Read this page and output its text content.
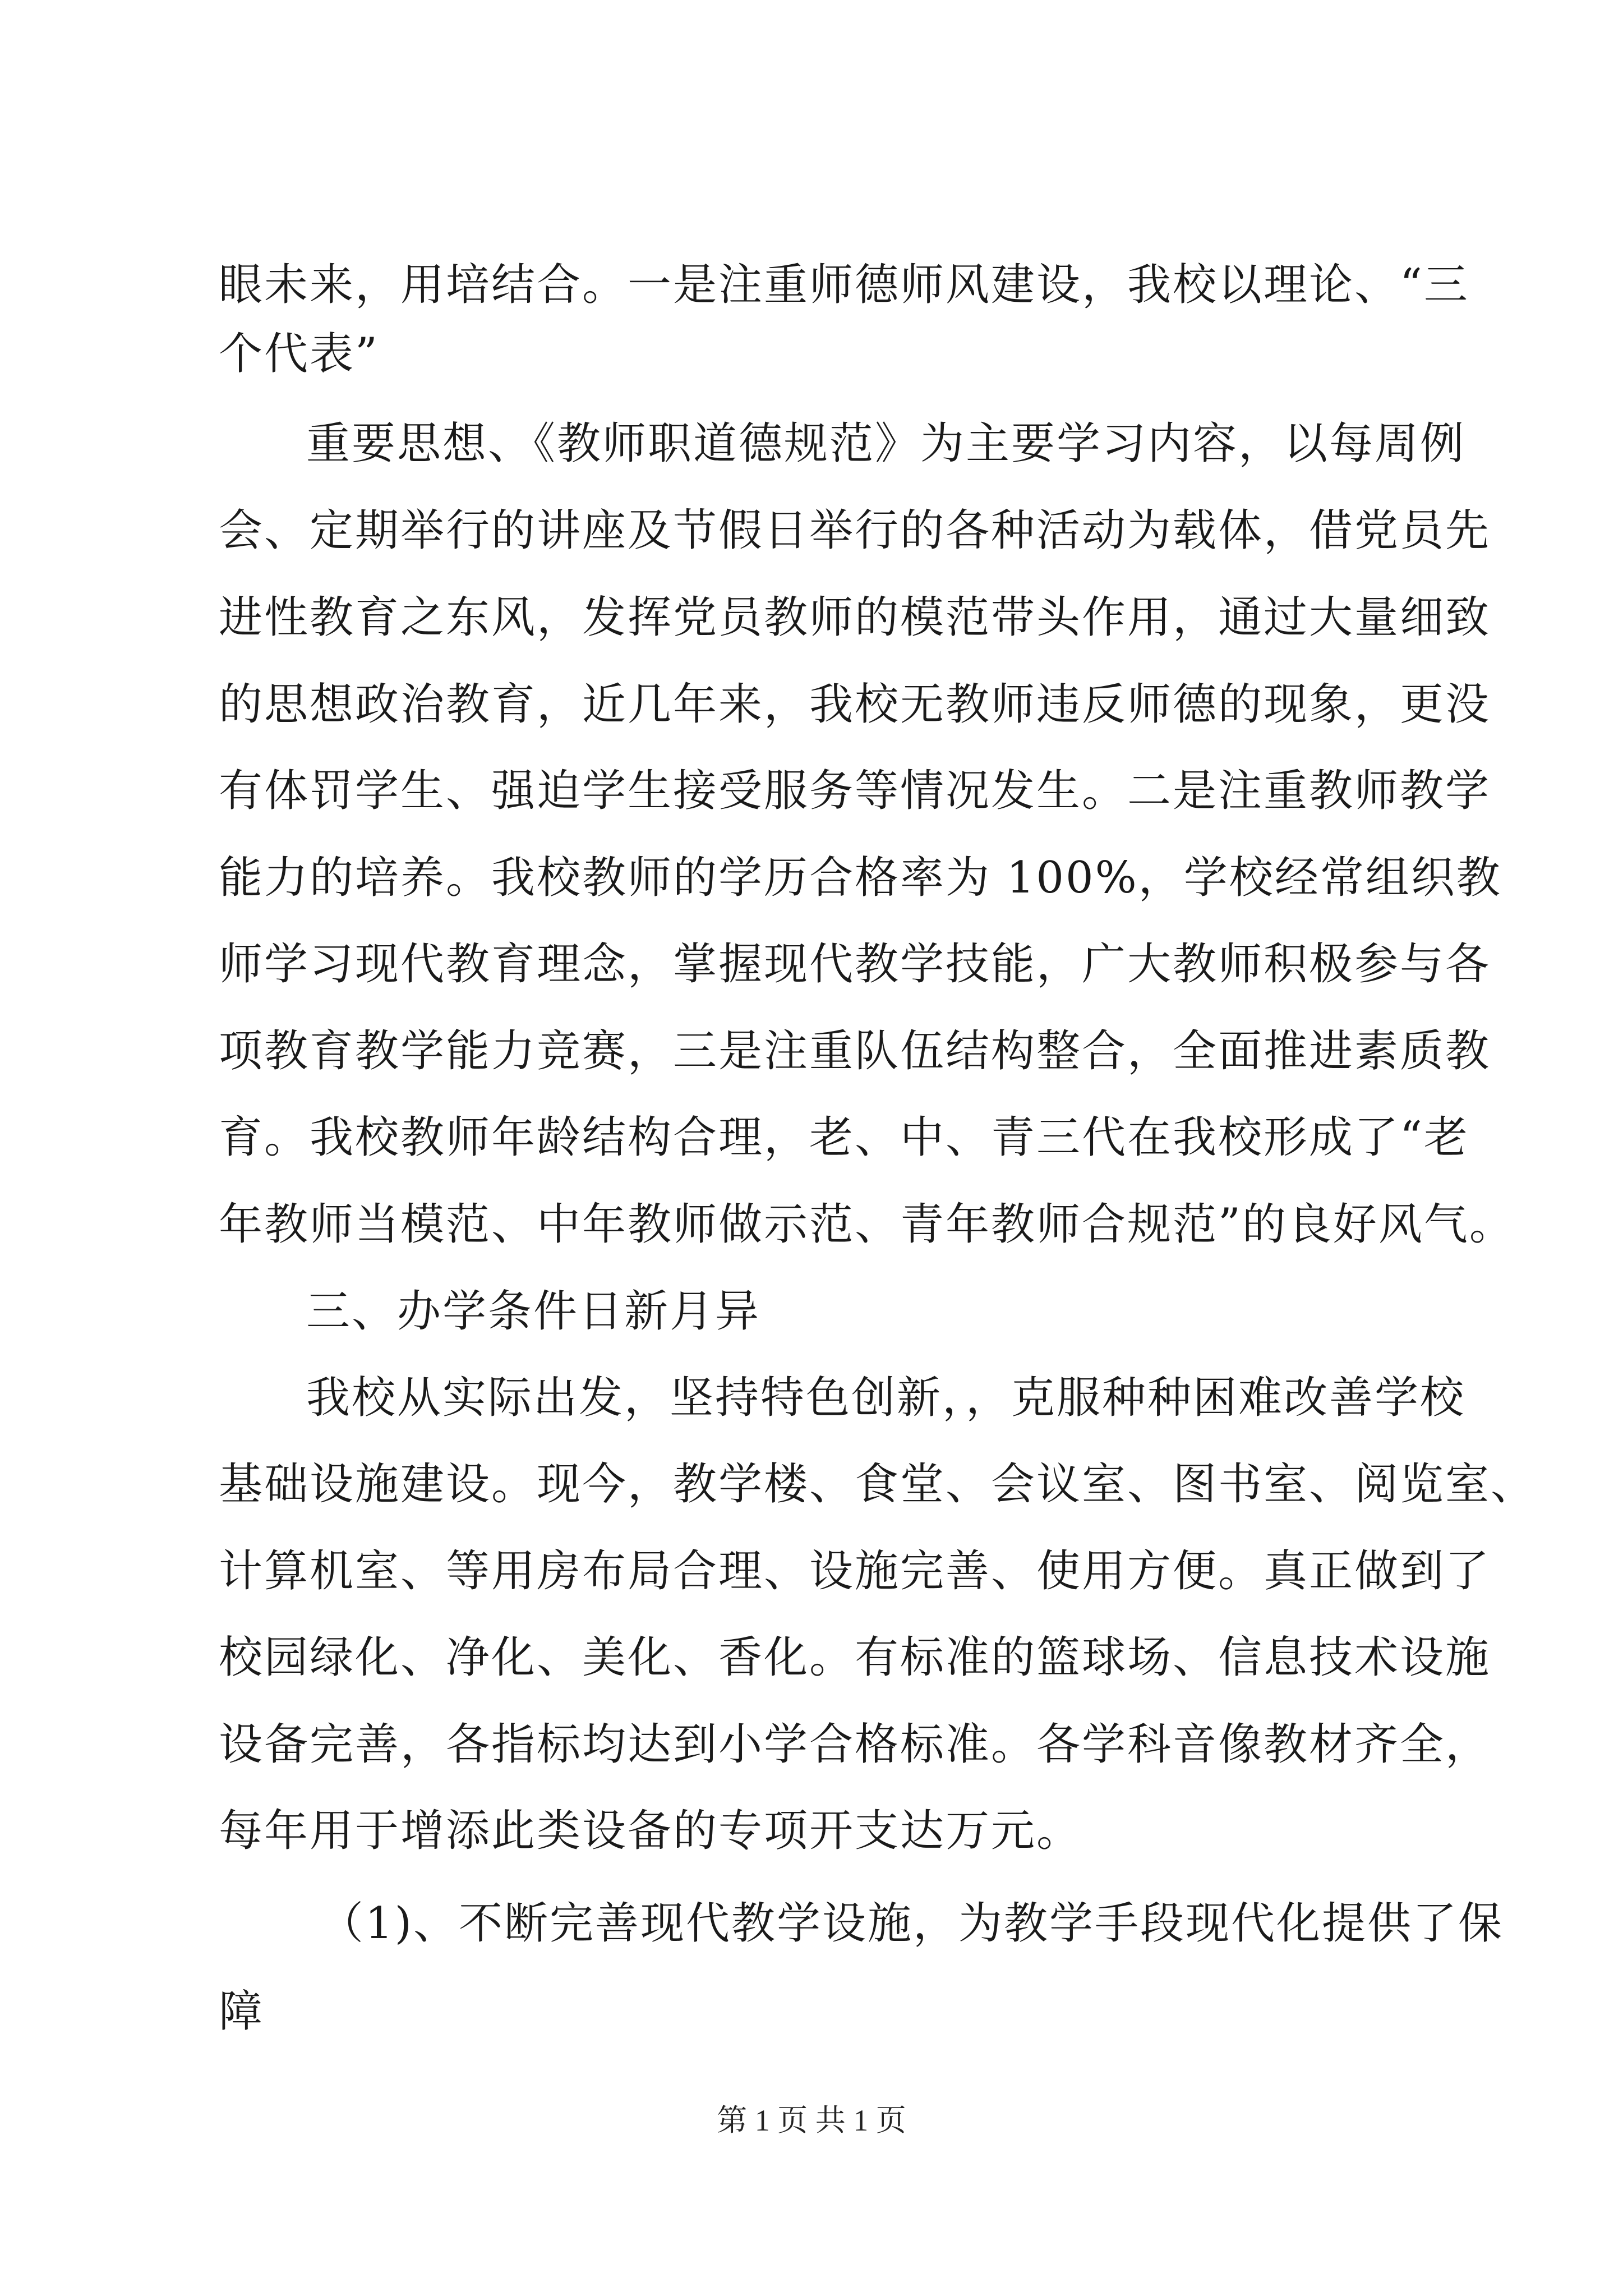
眼未来，用培结合。一是注重师德师风建设，我校以理论、“三
个代表”
重要思想、《教师职道德规范》为主要学习内容，以每周例
会、定期举行的讲座及节假日举行的各种活动为载体，借党员先
进性教育之东风，发挥党员教师的模范带头作用，通过大量细致
的思想政治教育，近几年来，我校无教师违反师德的现象，更没
有体罚学生、强迫学生接受服务等情况发生。二是注重教师教学
能力的培养。我校教师的学历合格率为 100%，学校经常组织教
师学习现代教育理念，掌握现代教学技能，广大教师积极参与各
项教育教学能力竞赛，三是注重队伍结构整合，全面推进素质教
育。我校教师年龄结构合理，老、中、青三代在我校形成了“老
年教师当模范、中年教师做示范、青年教师合规范”的良好风气。
三、办学条件日新月异
我校从实际出发，坚持特色创新，，克服种种困难改善学校
基础设施建设。现今，教学楼、食堂、会议室、图书室、阅览室、
计算机室、等用房布局合理、设施完善、使用方便。真正做到了
校园绿化、净化、美化、香化。有标准的篮球场、信息技术设施
设备完善，各指标均达到小学合格标准。各学科音像教材齐全，
每年用于增添此类设备的专项开支达万元。
（1)、不断完善现代教学设施，为教学手段现代化提供了保
障
第 1 页 共 1 页
